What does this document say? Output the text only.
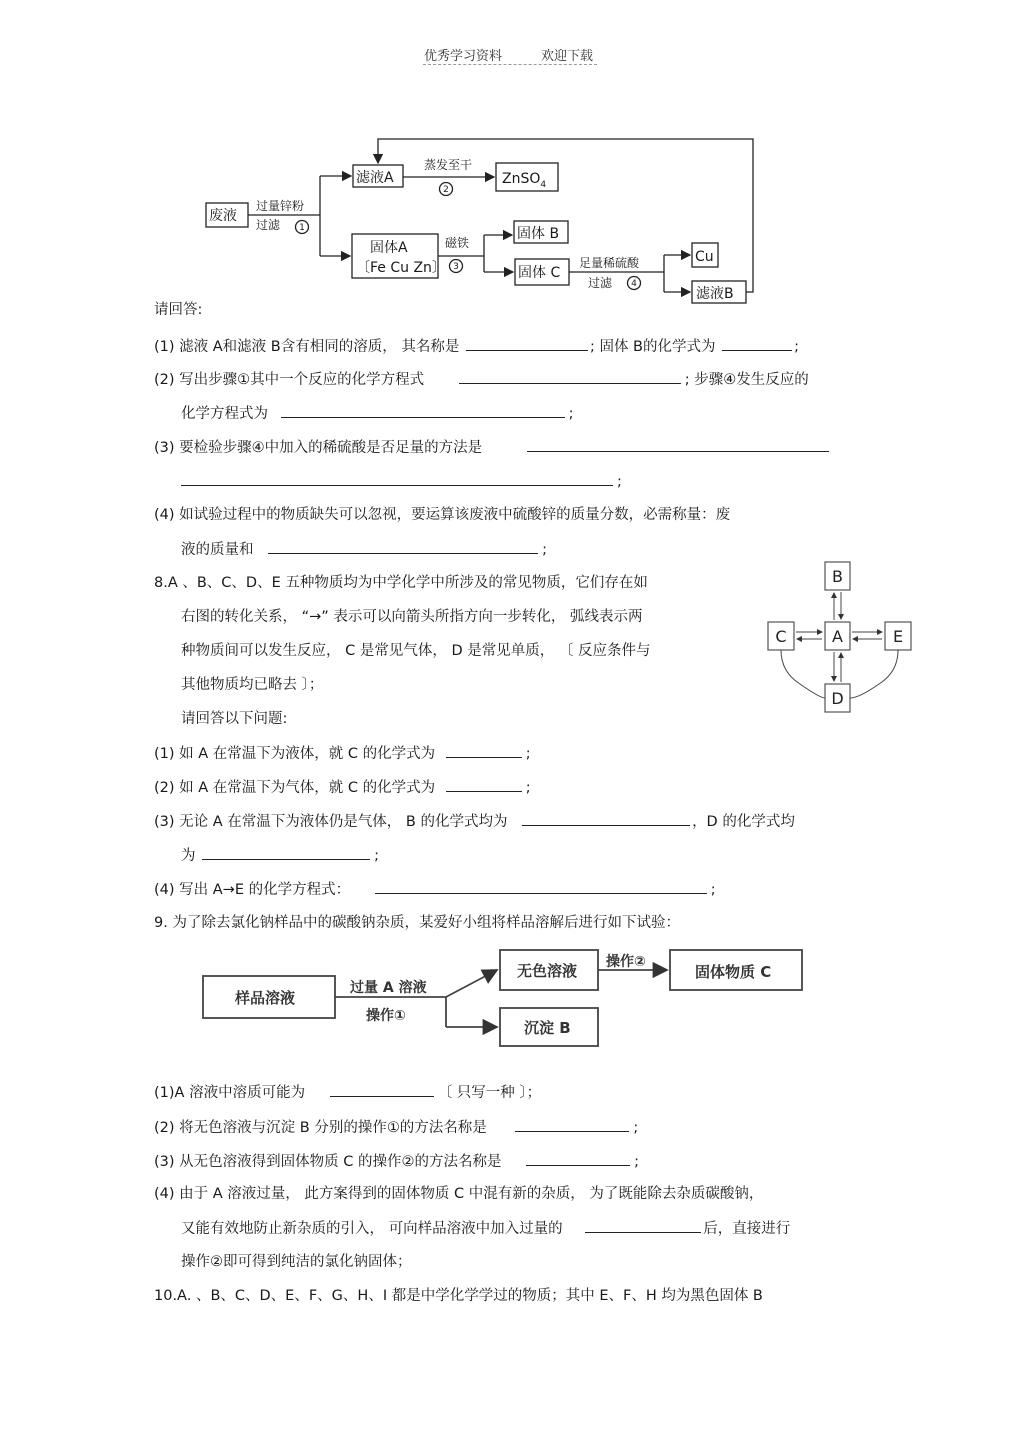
优秀学习资料	欢迎下载
废液
滤液A	ZnSO$_4$
固体A
〔Fe Cu Zn〕
固体 B
固体 C
Cu
滤液B
过量锌粉
过滤
蒸发至干
磁铁
足量稀硫酸
过滤
1
2
3
4
请回答:
(1) 滤液 A和滤液 B含有相同的溶质， 其名称是	; 固体 B的化学式为	;
(2) 写出步骤①其中一个反应的化学方程式	; 步骤④发生反应的
化学方程式为	;
(3) 要检验步骤④中加入的稀硫酸是否足量的方法是
;
(4) 如试验过程中的物质缺失可以忽视，要运算该废液中硫酸锌的质量分数，必需称量：废
液的质量和	;
8.A 、B、C、D、E 五种物质均为中学化学中所涉及的常见物质，它们存在如
右图的转化关系， “→” 表示可以向箭头所指方向一步转化， 弧线表示两
种物质间可以发生反应， C 是常见气体， D 是常见单质， 〔 反应条件与
其他物质均已略去 〕；
请回答以下问题:
B
C	A	E
D
(1) 如 A 在常温下为液体，就 C 的化学式为	;
(2) 如 A 在常温下为气体，就 C 的化学式为	;
(3) 无论 A 在常温下为液体仍是气体， B 的化学式均为	，D 的化学式均
为	;
(4) 写出 A→E 的化学方程式：	;
9. 为了除去氯化钠样品中的碳酸钠杂质，某爱好小组将样品溶解后进行如下试验：
样品溶液
无色溶液	固体物质 C
沉淀 B
过量 A 溶液
操作①
操作②
(1)A 溶液中溶质可能为	〔 只写一种 〕；
(2) 将无色溶液与沉淀 B 分别的操作①的方法名称是	;
(3) 从无色溶液得到固体物质 C 的操作②的方法名称是	;
(4) 由于 A 溶液过量， 此方案得到的固体物质 C 中混有新的杂质， 为了既能除去杂质碳酸钠，
又能有效地防止新杂质的引入， 可向样品溶液中加入过量的	后，直接进行
操作②即可得到纯洁的氯化钠固体；
10.A. 、B、C、D、E、F、G、H、I 都是中学化学学过的物质；其中 E、F、H 均为黑色固体 B
